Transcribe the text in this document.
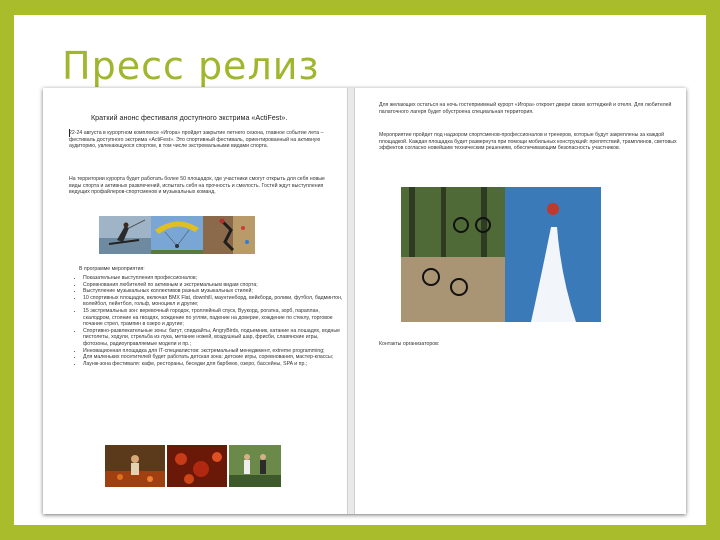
Пресс релиз
Краткий анонс фестиваля доступного экстрима «ActiFest».
22-24 августа в курортном комплексе «Игора» пройдет закрытие летнего сезона, главное событие лета – фестиваль доступного экстрима «ActiFest». Это спортивный фестиваль, ориентированный на активную аудиторию, увлекающуюся спортом, в том числе экстремальными видами спорта.
На территории курорта будет работать более 50 площадок, где участники смогут открыть для себя новые виды спорта и активных развлечений, испытать себя на прочность и смелость. Гостей ждут выступления ведущих профайлеров-спортсменов и музыкальных команд.
В программе мероприятия:
• Показательные выступления профессионалов;
• Соревнования любителей по активным и экстремальным видам спорта;
• Выступление музыкальных коллективов разных музыкальных стилей;
• 10 спортивных площадок, включая BMX Flat, downhill, маунтинборд, вейкборд, ролики, футбол, бадминтон, волейбол, пейнтбол, гольф, моноцикл и другие;
• 15 экстремальных зон: веревочный городок, троллейный спуск, Вуукорд, рогатка, зорб, параплан, скалодром, стояние на гвоздях, хождение по углям, падение на доверие, хождение по стеклу, торговое почание стрел, трампин в озеро и другие;
• Спортивно-развлекательные зоны: батут, спидкайты, AngryBirds, подъемник, катание на лошадях, водные пистолеты, ходули, стрельба из лука, метание ножей, воздушный шар, фрисби, славянские игры, фотозоны, радиоуправляемые модели и пр.;
• Инновационная площадка для IT-специалистов: экстремальный менеджмент, extreme programming;
• Для маленьких посетителей будет работать детская зона: детские игры, соревнования, мастер-классы;
• Лаунж-зона фестиваля: кафе, рестораны, беседки для барбекю, озеро, бассейны, SPA и пр.;
Для желающих остаться на ночь гостеприимный курорт «Игора» откроет двери своих коттеджей и отеля. Для любителей палаточного лагеря будет обустроена специальная территория.
Мероприятие пройдет под надзором спортсменов-профессионалов и тренеров, которые будут закреплены за каждой площадкой. Каждая площадка будет развернута при помощи мобильных конструкций: препятствий, трамплинов, световых эффектов согласно новейшим техническим решениям, обеспечивающим безопасность участников.
Контакты организаторов:
